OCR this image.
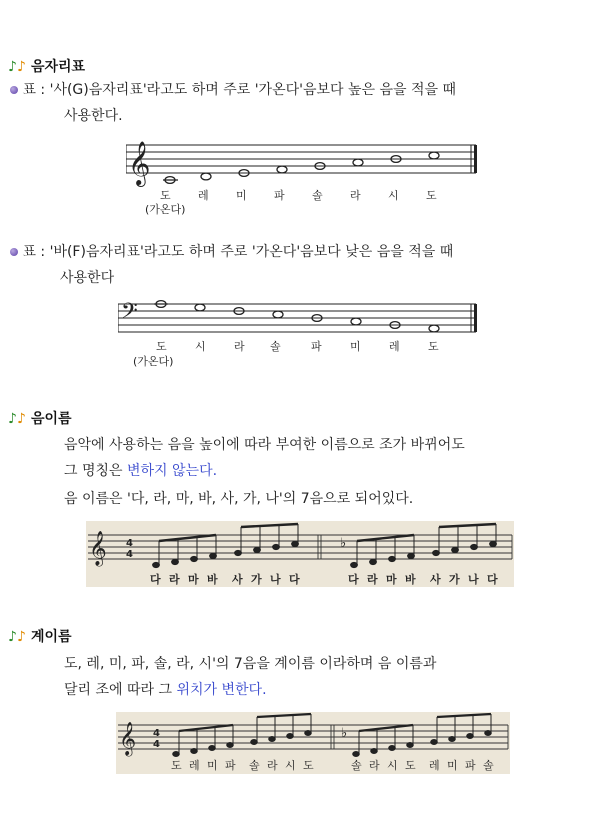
♪♪ 음자리표
표 : '사(G)음자리표'라고도 하며 주로 '가온다'음보다 높은 음을 적을 때
사용한다.
𝄞
도 레 미 파 솔 라 시 도
(가온다)
표 : '바(F)음자리표'라고도 하며 주로 '가온다'음보다 낮은 음을 적을 때
사용한다
𝄢
도	시	라 솔	파	미	레	도
(가온다)
♪♪ 음이름
음악에 사용하는 음을 높이에 따라 부여한 이름으로 조가 바뀌어도
그 명칭은 변하지 않는다.
음 이름은 '다, 라, 마, 바, 사, 가, 나'의 7음으로 되어있다.
𝄞 4
4
♭
다 라 마 바 사 가 나 다	다 라 마 바 사 가 나 다
♪♪ 계이름
도, 레, 미, 파, 솔, 라, 시'의 7음을 계이름 이라하며 음 이름과
달리 조에 따라 그 위치가 변한다.
𝄞 4
4
♭
도 레 미 파 솔 라 시 도	솔 라 시 도 레 미 파 솔
